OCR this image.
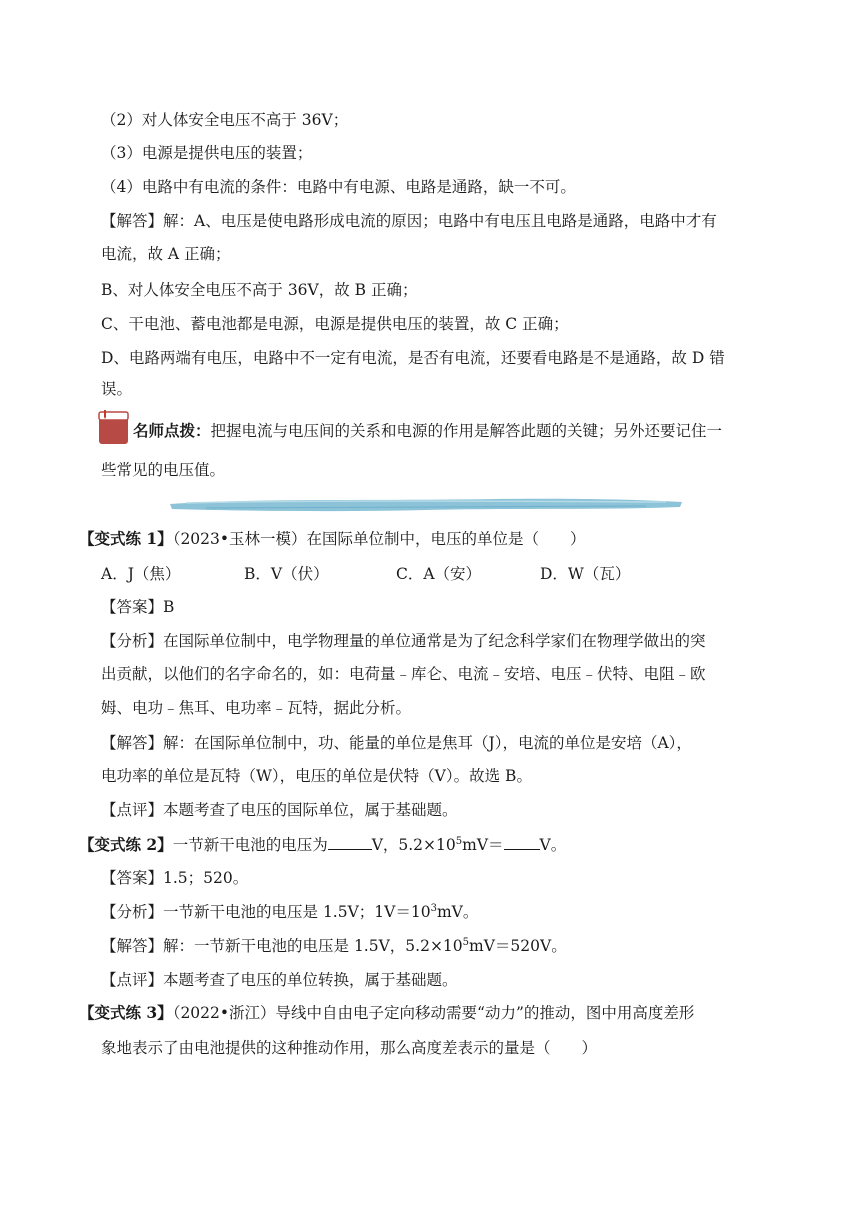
（2）对人体安全电压不高于 36V；
（3）电源是提供电压的装置；
（4）电路中有电流的条件：电路中有电源、电路是通路，缺一不可。
【解答】解：A、电压是使电路形成电流的原因；电路中有电压且电路是通路，电路中才有
电流，故 A 正确；
B、对人体安全电压不高于 36V，故 B 正确；
C、干电池、蓄电池都是电源，电源是提供电压的装置，故 C 正确；
D、电路两端有电压，电路中不一定有电流，是否有电流，还要看电路是不是通路，故 D 错
误。
名师点拨：把握电流与电压间的关系和电源的作用是解答此题的关键；另外还要记住一
些常见的电压值。
【变式练 1】（2023•玉林一模）在国际单位制中，电压的单位是（　　）
A．J（焦）	B．V（伏）	C．A（安）	D．W（瓦）
【答案】B
【分析】在国际单位制中，电学物理量的单位通常是为了纪念科学家们在物理学做出的突
出贡献，以他们的名字命名的，如：电荷量﹣库仑、电流﹣安培、电压﹣伏特、电阻﹣欧
姆、电功﹣焦耳、电功率﹣瓦特，据此分析。
【解答】解：在国际单位制中，功、能量的单位是焦耳（J），电流的单位是安培（A），
电功率的单位是瓦特（W），电压的单位是伏特（V）。故选 B。
【点评】本题考查了电压的国际单位，属于基础题。
【变式练 2】一节新干电池的电压为	V，$5.2\times 10^5mV= V$。
【答案】1.5；520。
【分析】一节新干电池的电压是 1.5V；$1V=10^3mV$。
【解答】解：一节新干电池的电压是 1.5V，$5.2\times 10^5mV=520V$。
【点评】本题考查了电压的单位转换，属于基础题。
【变式练 3】（2022•浙江）导线中自由电子定向移动需要“动力”的推动，图中用高度差形
象地表示了由电池提供的这种推动作用，那么高度差表示的量是（　　）
